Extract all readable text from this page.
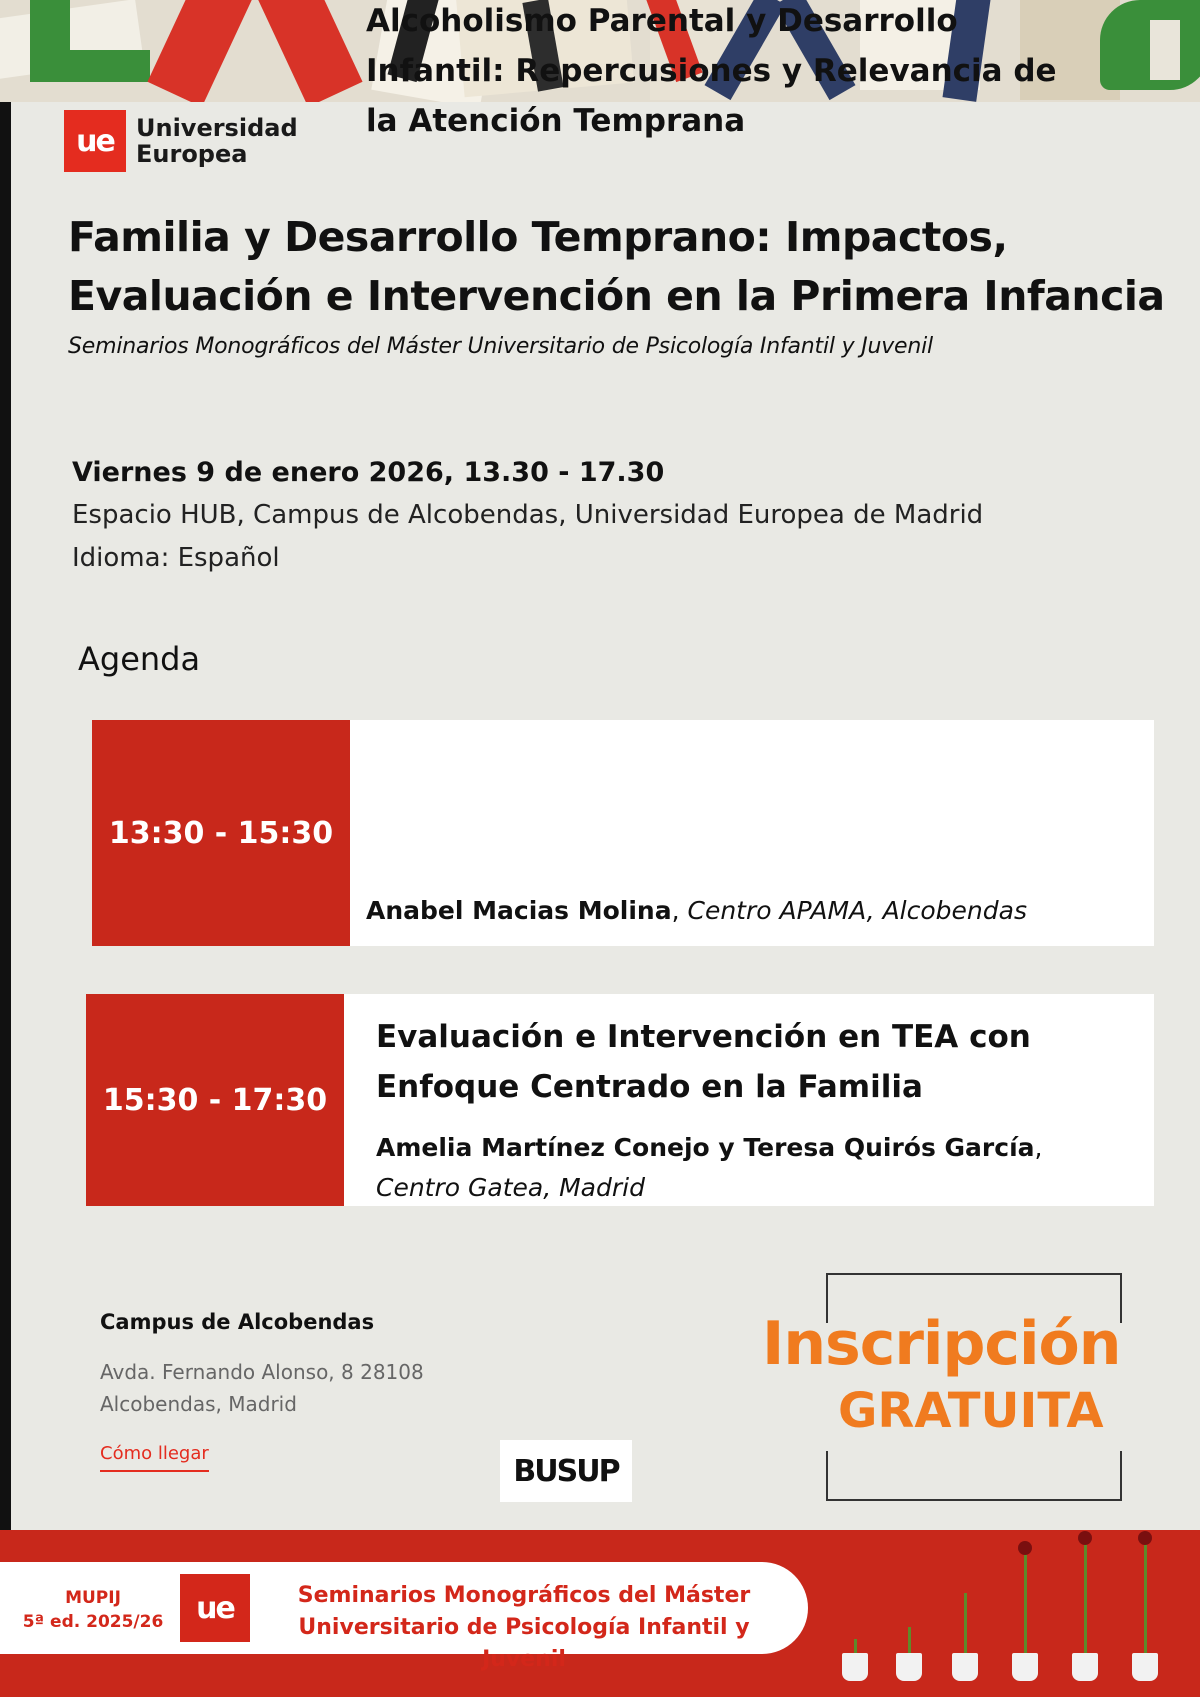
ue Universidad
Europea
Familia y Desarrollo Temprano: Impactos,
Evaluación e Intervención en la Primera Infancia
Seminarios Monográficos del Máster Universitario de Psicología Infantil y Juvenil
Viernes 9 de enero 2026, 13.30 - 17.30
Espacio HUB, Campus de Alcobendas, Universidad Europea de Madrid
Idioma: Español
Agenda
13:30 - 15:30
Alcoholismo Parental y Desarrollo
Infantil: Repercusiones y Relevancia de
la Atención Temprana
Anabel Macias Molina, Centro APAMA, Alcobendas
15:30 - 17:30
Evaluación e Intervención en TEA con
Enfoque Centrado en la Familia
Amelia Martínez Conejo y Teresa Quirós García,
Centro Gatea, Madrid
Campus de Alcobendas
Avda. Fernando Alonso, 8 28108
Alcobendas, Madrid
Cómo llegar	BUSUP
Inscripción
GRATUITA
MUPIJ
5ª ed. 2025/26	ue	Seminarios Monográficos del Máster
Universitario de Psicología Infantil y Juvenil
